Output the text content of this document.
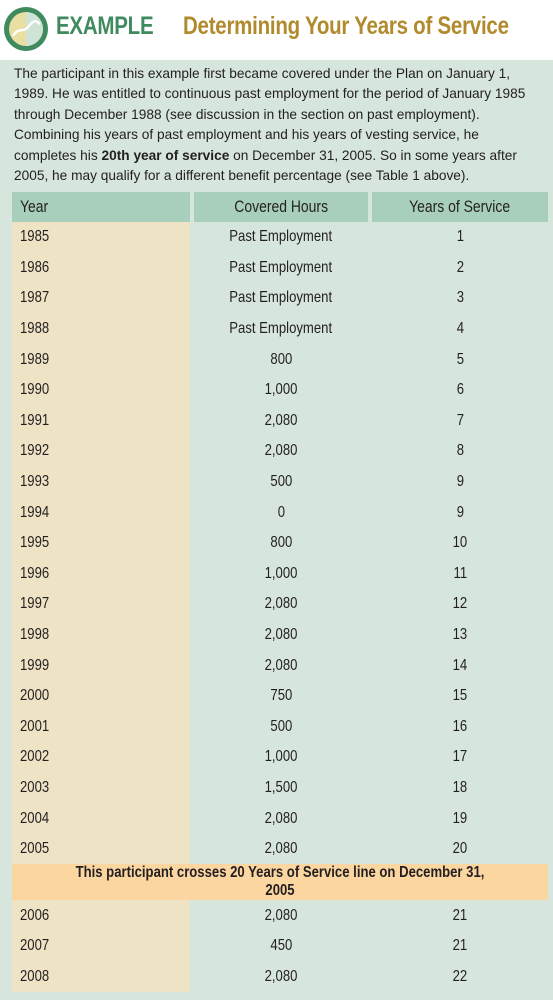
EXAMPLE Determining Your Years of Service
The participant in this example first became covered under the Plan on January 1, 1989. He was entitled to continuous past employment for the period of January 1985 through December 1988 (see discussion in the section on past employment). Combining his years of past employment and his years of vesting service, he completes his 20th year of service on December 31, 2005. So in some years after 2005, he may qualify for a different benefit percentage (see Table 1 above).
Year		Covered Hours		Years of Service
1985		Past Employment		1
1986		Past Employment		2
1987		Past Employment		3
1988		Past Employment		4
1989		800		5
1990		1,000		6
1991		2,080		7
1992		2,080		8
1993		500		9
1994		0		9
1995		800		10
1996		1,000		11
1997		2,080		12
1998		2,080		13
1999		2,080		14
2000		750		15
2001		500		16
2002		1,000		17
2003		1,500		18
2004		2,080		19
2005		2,080		20
This participant crosses 20 Years of Service line on December 31, 2005				
2006		2,080		21
2007		450		21
2008		2,080		22
